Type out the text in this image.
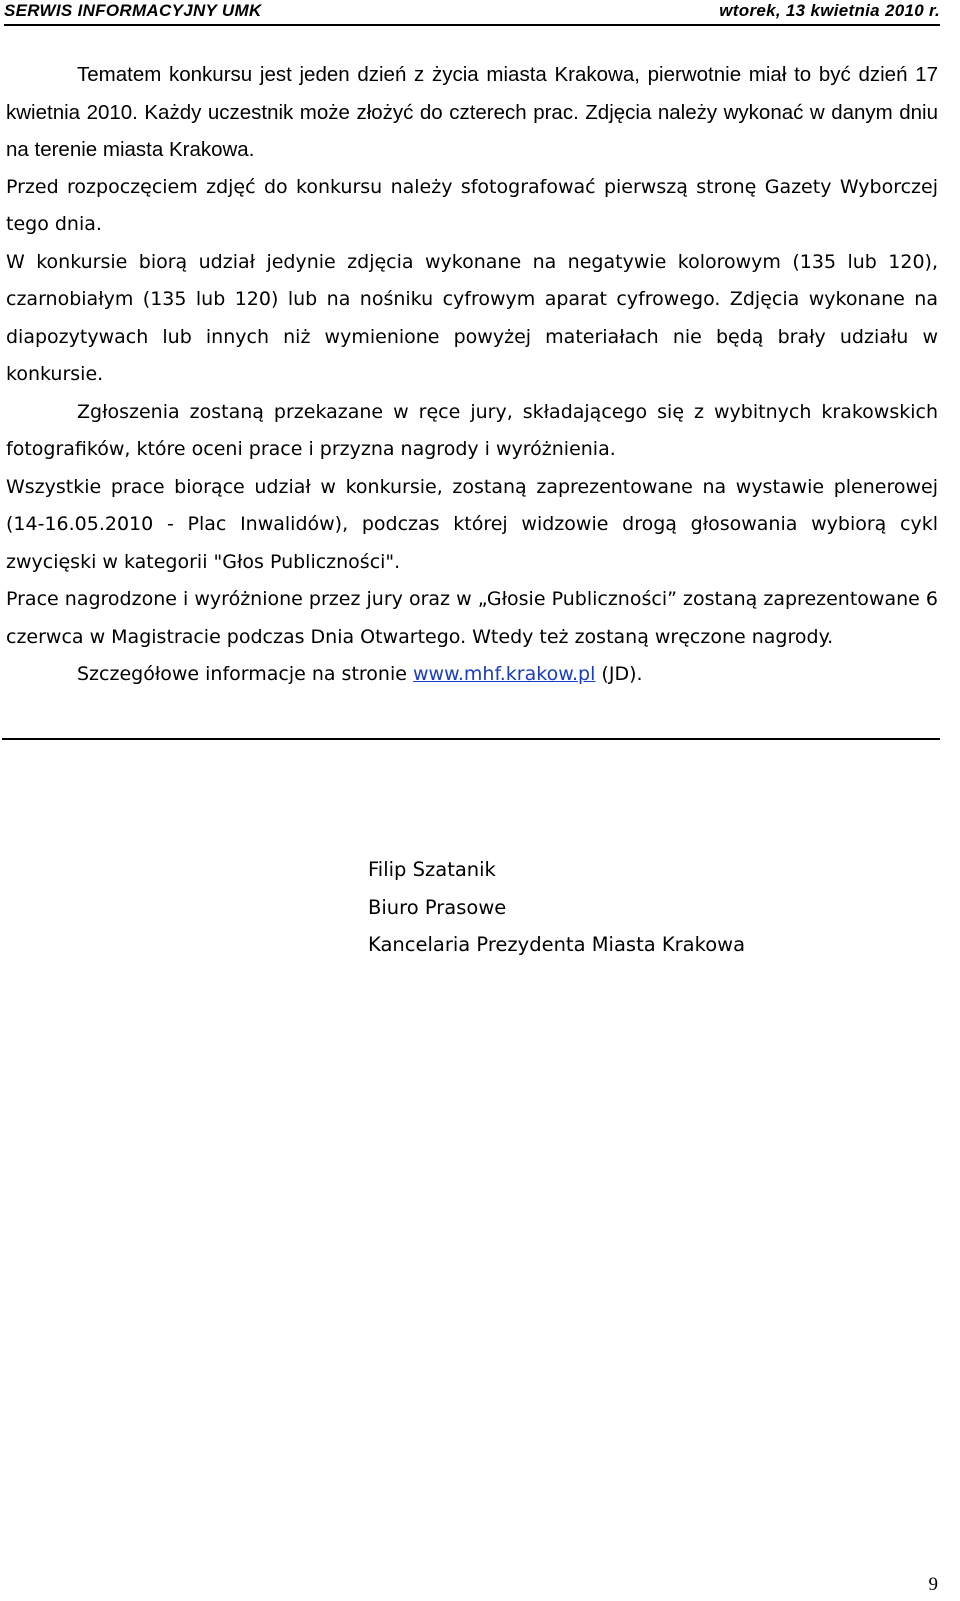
SERWIS INFORMACYJNY UMK	wtorek, 13 kwietnia 2010 r.

Tematem konkursu jest jeden dzień z życia miasta Krakowa, pierwotnie miał to być dzień 17 kwietnia 2010. Każdy uczestnik może złożyć do czterech prac. Zdjęcia należy wykonać w danym dniu na terenie miasta Krakowa.

Przed rozpoczęciem zdjęć do konkursu należy sfotografować pierwszą stronę Gazety Wyborczej tego dnia.

W konkursie biorą udział jedynie zdjęcia wykonane na negatywie kolorowym (135 lub 120), czarnobiałym (135 lub 120) lub na nośniku cyfrowym aparat cyfrowego. Zdjęcia wykonane na diapozytywach lub innych niż wymienione powyżej materiałach nie będą brały udziału w konkursie.

Zgłoszenia zostaną przekazane w ręce jury, składającego się z wybitnych krakowskich fotografików, które oceni prace i przyzna nagrody i wyróżnienia.

Wszystkie prace biorące udział w konkursie, zostaną zaprezentowane na wystawie plenerowej (14-16.05.2010 - Plac Inwalidów), podczas której widzowie drogą głosowania wybiorą cykl zwycięski w kategorii "Głos Publiczności".

Prace nagrodzone i wyróżnione przez jury oraz w „Głosie Publiczności” zostaną zaprezentowane 6 czerwca w Magistracie podczas Dnia Otwartego. Wtedy też zostaną wręczone nagrody.

Szczegółowe informacje na stronie www.mhf.krakow.pl (JD).

Filip Szatanik
Biuro Prasowe
Kancelaria Prezydenta Miasta Krakowa
9
